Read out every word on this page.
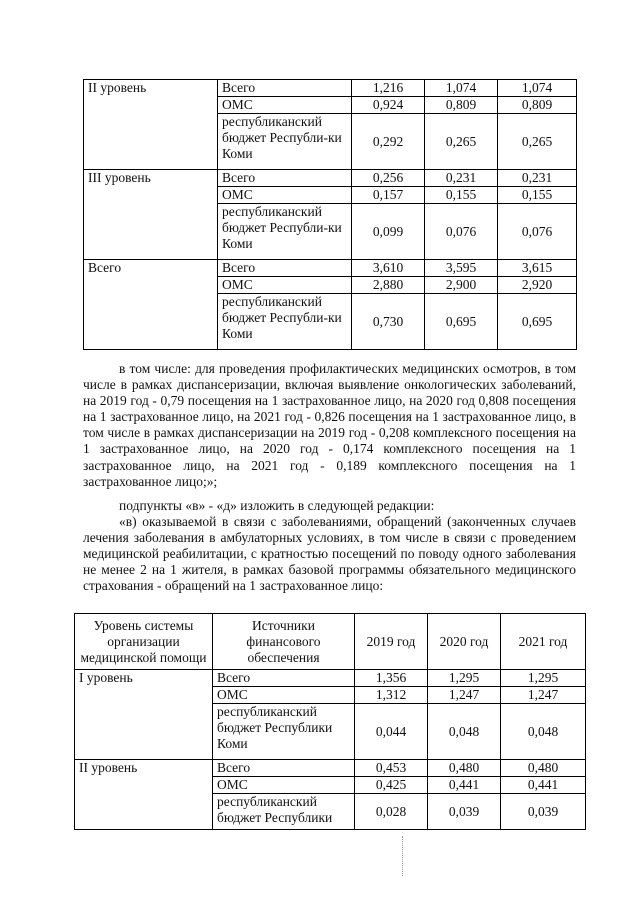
II уровень	Всего	1,216	1,074	1,074
	ОМС	0,924	0,809	0,809
	республиканский бюджет Республи-ки Коми	0,292	0,265	0,265
III уровень	Всего	0,256	0,231	0,231
	ОМС	0,157	0,155	0,155
	республиканский бюджет Республи-ки Коми	0,099	0,076	0,076
Всего	Всего	3,610	3,595	3,615
	ОМС	2,880	2,900	2,920
	республиканский бюджет Республи-ки Коми	0,730	0,695	0,695

в том числе: для проведения профилактических медицинских осмотров, в том числе в рамках диспансеризации, включая выявление онкологических заболеваний, на 2019 год - 0,79 посещения на 1 застрахованное лицо, на 2020 год 0,808 посещения на 1 застрахованное лицо, на 2021 год - 0,826 посещения на 1 застрахованное лицо, в том числе в рамках диспансеризации на 2019 год - 0,208 комплексного посещения на 1 застрахованное лицо, на 2020 год - 0,174 комплексного посещения на 1 застрахованное лицо, на 2021 год - 0,189 комплексного посещения на 1 застрахованное лицо;»;

подпункты «в» - «д» изложить в следующей редакции:

«в) оказываемой в связи с заболеваниями, обращений (законченных случаев лечения заболевания в амбулаторных условиях, в том числе в связи с проведением медицинской реабилитации, с кратностью посещений по поводу одного заболевания не менее 2 на 1 жителя, в рамках базовой программы обязательного медицинского страхования - обращений на 1 застрахованное лицо:

Уровень системы организации медицинской помощи	Источники финансового обеспечения	2019 год	2020 год	2021 год
I уровень	Всего	1,356	1,295	1,295
	ОМС	1,312	1,247	1,247
	республиканский бюджет Республики Коми	0,044	0,048	0,048
II уровень	Всего	0,453	0,480	0,480
	ОМС	0,425	0,441	0,441
	республиканский бюджет Республики	0,028	0,039	0,039
